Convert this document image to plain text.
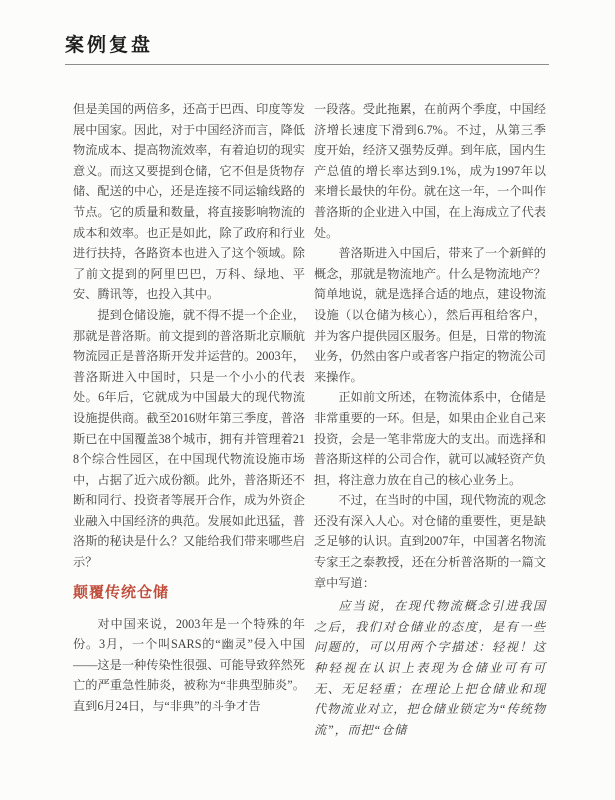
案例复盘

但是美国的两倍多，还高于巴西、印度等发展中国家。因此，对于中国经济而言，降低物流成本、提高物流效率，有着迫切的现实意义。而这又要提到仓储，它不但是货物存储、配送的中心，还是连接不同运输线路的节点。它的质量和数量，将直接影响物流的成本和效率。也正是如此，除了政府和行业进行扶持，各路资本也进入了这个领域。除了前文提到的阿里巴巴，万科、绿地、平安、腾讯等，也投入其中。

提到仓储设施，就不得不提一个企业，那就是普洛斯。前文提到的普洛斯北京顺航物流园正是普洛斯开发并运营的。2003年，普洛斯进入中国时，只是一个小小的代表处。6年后，它就成为中国最大的现代物流设施提供商。截至2016财年第三季度，普洛斯已在中国覆盖38个城市，拥有并管理着218个综合性园区，在中国现代物流设施市场中，占据了近六成份额。此外，普洛斯还不断和同行、投资者等展开合作，成为外资企业融入中国经济的典范。发展如此迅猛，普洛斯的秘诀是什么？又能给我们带来哪些启示？

颠覆传统仓储

对中国来说，2003年是一个特殊的年份。3月，一个叫SARS的“幽灵”侵入中国——这是一种传染性很强、可能导致猝然死亡的严重急性肺炎，被称为“非典型肺炎”。直到6月24日，与“非典”的斗争才告

一段落。受此拖累，在前两个季度，中国经济增长速度下滑到6.7%。不过，从第三季度开始，经济又强势反弹。到年底，国内生产总值的增长率达到9.1%，成为1997年以来增长最快的年份。就在这一年，一个叫作普洛斯的企业进入中国，在上海成立了代表处。

普洛斯进入中国后，带来了一个新鲜的概念，那就是物流地产。什么是物流地产？简单地说，就是选择合适的地点，建设物流设施（以仓储为核心），然后再租给客户，并为客户提供园区服务。但是，日常的物流业务，仍然由客户或者客户指定的物流公司来操作。

正如前文所述，在物流体系中，仓储是非常重要的一环。但是，如果由企业自己来投资，会是一笔非常庞大的支出。而选择和普洛斯这样的公司合作，就可以减轻资产负担，将注意力放在自己的核心业务上。

不过，在当时的中国，现代物流的观念还没有深入人心。对仓储的重要性，更是缺乏足够的认识。直到2007年，中国著名物流专家王之泰教授，还在分析普洛斯的一篇文章中写道：

应当说，在现代物流概念引进我国之后，我们对仓储业的态度，是有一些问题的，可以用两个字描述：轻视！这种轻视在认识上表现为仓储业可有可无、无足轻重；在理论上把仓储业和现代物流业对立，把仓储业锁定为“传统物流”，而把“仓储
